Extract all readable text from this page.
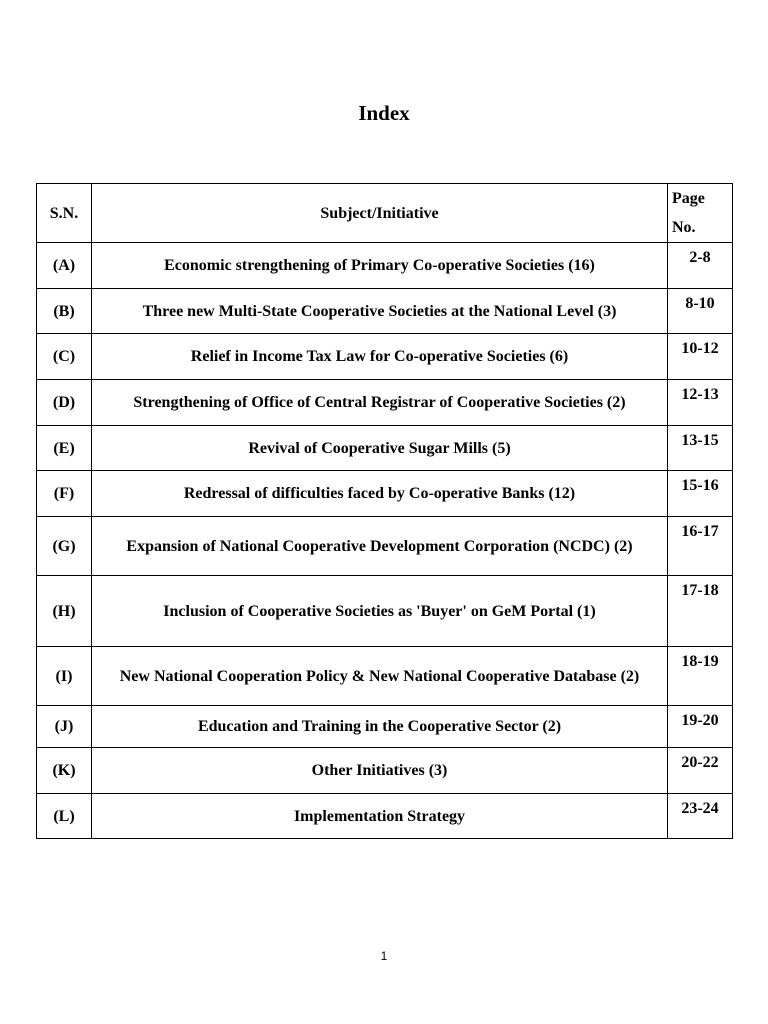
Index
S.N.	Subject/Initiative	Page No.
(A)	Economic strengthening of Primary Co-operative Societies (16)	2-8
(B)	Three new Multi-State Cooperative Societies at the National Level (3)	8-10
(C)	Relief in Income Tax Law for Co-operative Societies (6)	10-12
(D)	Strengthening of Office of Central Registrar of Cooperative Societies (2)	12-13
(E)	Revival of Cooperative Sugar Mills (5)	13-15
(F)	Redressal of difficulties faced by Co-operative Banks (12)	15-16
(G)	Expansion of National Cooperative Development Corporation (NCDC) (2)	16-17
(H)	Inclusion of Cooperative Societies as 'Buyer' on GeM Portal (1)	17-18
(I)	New National Cooperation Policy & New National Cooperative Database (2)	18-19
(J)	Education and Training in the Cooperative Sector (2)	19-20
(K)	Other Initiatives (3)	20-22
(L)	Implementation Strategy	23-24
1
